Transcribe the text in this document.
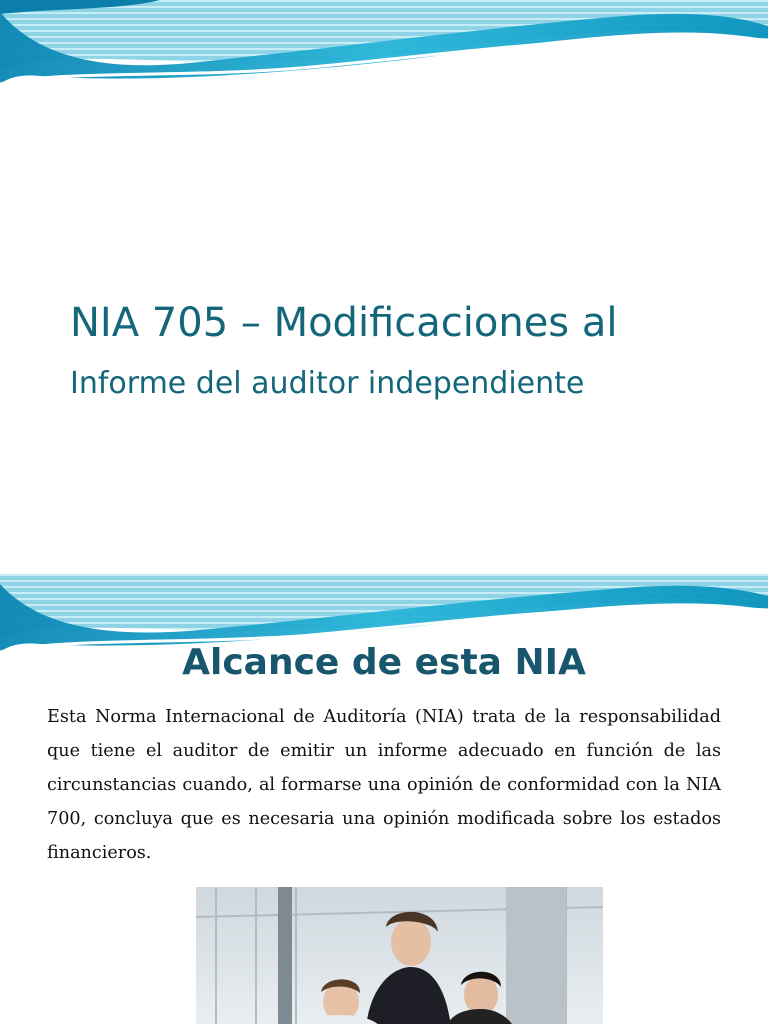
NIA 705 – Modificaciones al
Informe del auditor independiente
Alcance de esta NIA

Esta Norma Internacional de Auditoría (NIA) trata de la responsabilidad que tiene el auditor de emitir un informe adecuado en función de las circunstancias cuando, al formarse una opinión de conformidad con la NIA 700, concluya que es necesaria una opinión modificada sobre los estados financieros.
